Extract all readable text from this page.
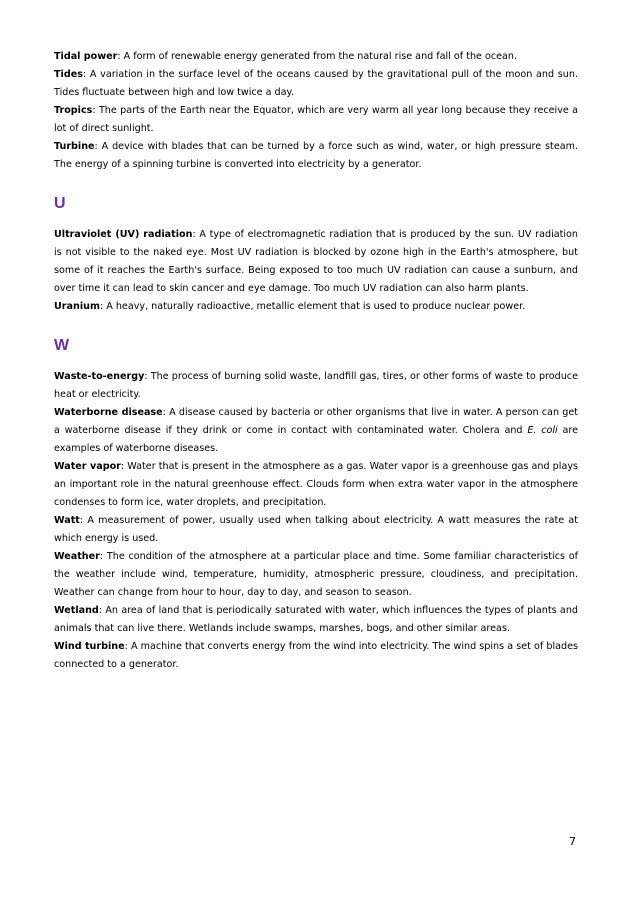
Tidal power: A form of renewable energy generated from the natural rise and fall of the ocean.

Tides: A variation in the surface level of the oceans caused by the gravitational pull of the moon and sun. Tides fluctuate between high and low twice a day.

Tropics: The parts of the Earth near the Equator, which are very warm all year long because they receive a lot of direct sunlight.

Turbine: A device with blades that can be turned by a force such as wind, water, or high pressure steam. The energy of a spinning turbine is converted into electricity by a generator.

U

Ultraviolet (UV) radiation: A type of electromagnetic radiation that is produced by the sun. UV radiation is not visible to the naked eye. Most UV radiation is blocked by ozone high in the Earth's atmosphere, but some of it reaches the Earth's surface. Being exposed to too much UV radiation can cause a sunburn, and over time it can lead to skin cancer and eye damage. Too much UV radiation can also harm plants.

Uranium: A heavy, naturally radioactive, metallic element that is used to produce nuclear power.

W

Waste-to-energy: The process of burning solid waste, landfill gas, tires, or other forms of waste to produce heat or electricity.

Waterborne disease: A disease caused by bacteria or other organisms that live in water. A person can get a waterborne disease if they drink or come in contact with contaminated water. Cholera and E. coli are examples of waterborne diseases.

Water vapor: Water that is present in the atmosphere as a gas. Water vapor is a greenhouse gas and plays an important role in the natural greenhouse effect. Clouds form when extra water vapor in the atmosphere condenses to form ice, water droplets, and precipitation.

Watt: A measurement of power, usually used when talking about electricity. A watt measures the rate at which energy is used.

Weather: The condition of the atmosphere at a particular place and time. Some familiar characteristics of the weather include wind, temperature, humidity, atmospheric pressure, cloudiness, and precipitation. Weather can change from hour to hour, day to day, and season to season.

Wetland: An area of land that is periodically saturated with water, which influences the types of plants and animals that can live there. Wetlands include swamps, marshes, bogs, and other similar areas.

Wind turbine: A machine that converts energy from the wind into electricity. The wind spins a set of blades connected to a generator.

7
